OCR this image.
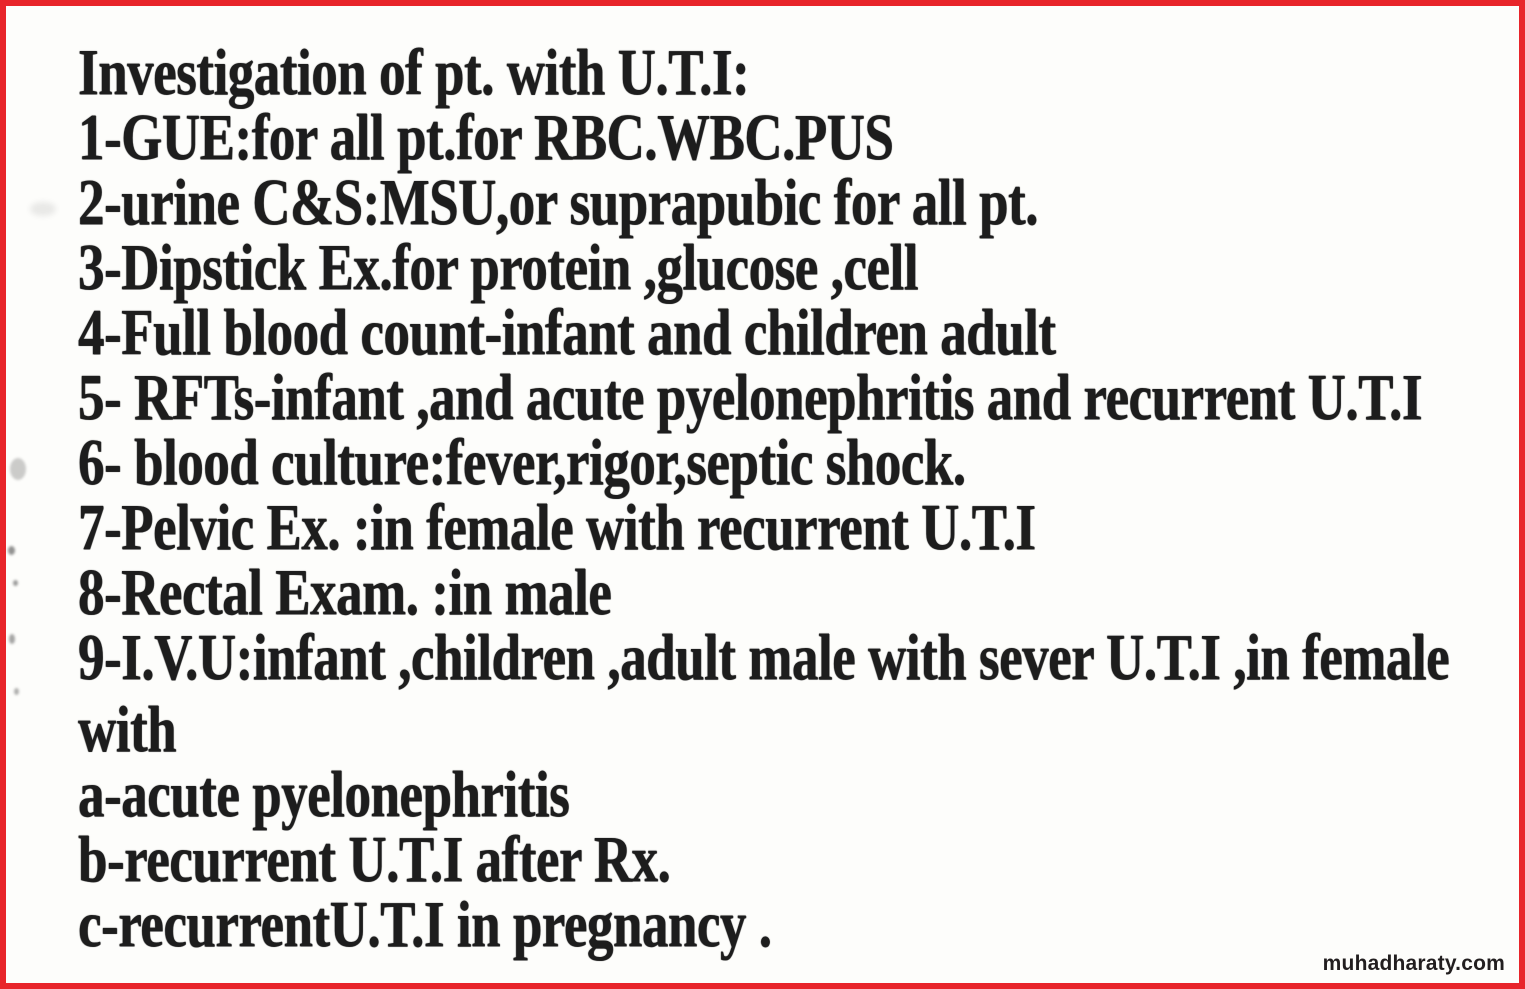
Investigation of pt. with U.T.I:
1-GUE:for all pt.for RBC.WBC.PUS
2-urine C&S:MSU,or suprapubic for all pt.
3-Dipstick Ex.for protein ,glucose ,cell
4-Full blood count-infant and children adult
5- RFTs-infant ,and acute pyelonephritis and recurrent U.T.I
6- blood culture:fever,rigor,septic shock.
7-Pelvic Ex. :in female with recurrent U.T.I
8-Rectal Exam. :in male
9-I.V.U:infant ,children ,adult male with sever U.T.I ,in female
with
a-acute pyelonephritis
b-recurrent U.T.I after Rx.
c-recurrentU.T.I in pregnancy .
muhadharaty.com
